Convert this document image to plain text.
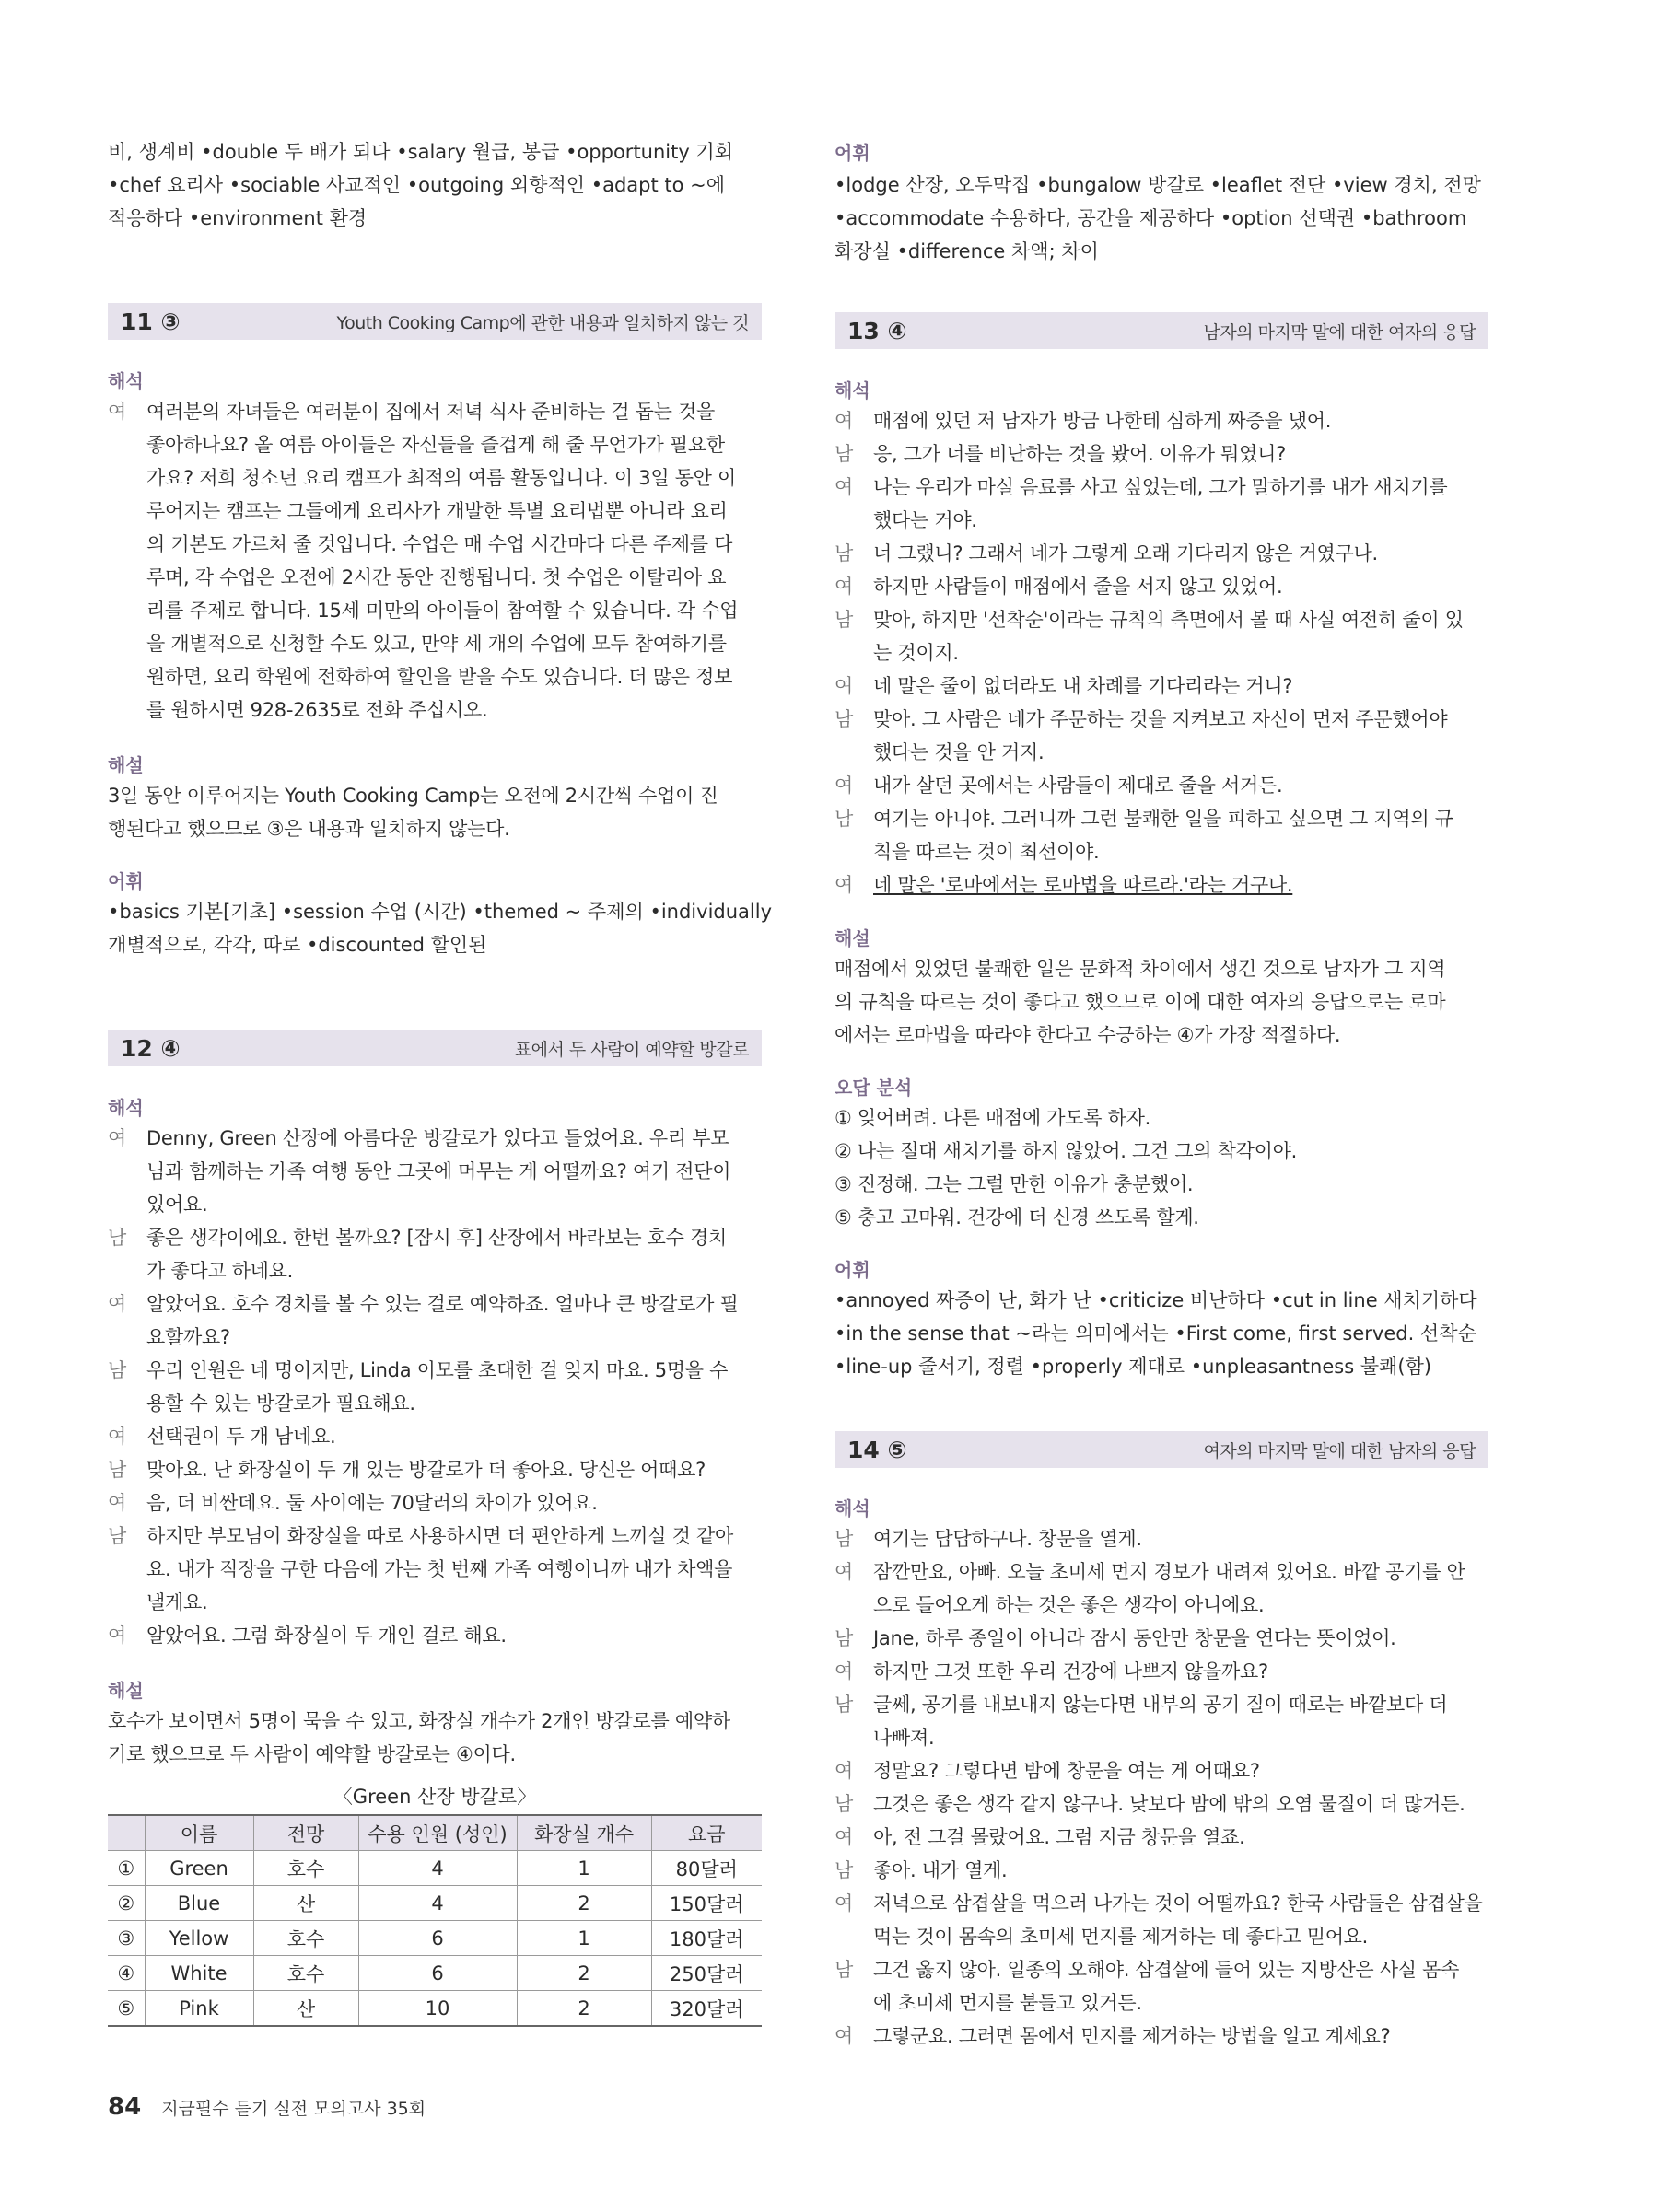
비, 생계비 •double 두 배가 되다 •salary 월급, 봉급 •opportunity 기회
•chef 요리사 •sociable 사교적인 •outgoing 외향적인 •adapt to ~에
적응하다 •environment 환경
11 ③	Youth Cooking Camp에 관한 내용과 일치하지 않는 것
해석
여	여러분의 자녀들은 여러분이 집에서 저녁 식사 준비하는 걸 돕는 것을
좋아하나요? 올 여름 아이들은 자신들을 즐겁게 해 줄 무언가가 필요한
가요? 저희 청소년 요리 캠프가 최적의 여름 활동입니다. 이 3일 동안 이
루어지는 캠프는 그들에게 요리사가 개발한 특별 요리법뿐 아니라 요리
의 기본도 가르쳐 줄 것입니다. 수업은 매 수업 시간마다 다른 주제를 다
루며, 각 수업은 오전에 2시간 동안 진행됩니다. 첫 수업은 이탈리아 요
리를 주제로 합니다. 15세 미만의 아이들이 참여할 수 있습니다. 각 수업
을 개별적으로 신청할 수도 있고, 만약 세 개의 수업에 모두 참여하기를
원하면, 요리 학원에 전화하여 할인을 받을 수도 있습니다. 더 많은 정보
를 원하시면 928-2635로 전화 주십시오.
해설
3일 동안 이루어지는 Youth Cooking Camp는 오전에 2시간씩 수업이 진
행된다고 했으므로 ③은 내용과 일치하지 않는다.
어휘
•basics 기본[기초] •session 수업 (시간) •themed ~ 주제의 •individually
개별적으로, 각각, 따로 •discounted 할인된
12 ④	표에서 두 사람이 예약할 방갈로
해석
여	Denny, Green 산장에 아름다운 방갈로가 있다고 들었어요. 우리 부모
님과 함께하는 가족 여행 동안 그곳에 머무는 게 어떨까요? 여기 전단이
있어요.
남	좋은 생각이에요. 한번 볼까요? [잠시 후] 산장에서 바라보는 호수 경치
가 좋다고 하네요.
여	알았어요. 호수 경치를 볼 수 있는 걸로 예약하죠. 얼마나 큰 방갈로가 필
요할까요?
남	우리 인원은 네 명이지만, Linda 이모를 초대한 걸 잊지 마요. 5명을 수
용할 수 있는 방갈로가 필요해요.
여	선택권이 두 개 남네요.
남	맞아요. 난 화장실이 두 개 있는 방갈로가 더 좋아요. 당신은 어때요?
여	음, 더 비싼데요. 둘 사이에는 70달러의 차이가 있어요.
남	하지만 부모님이 화장실을 따로 사용하시면 더 편안하게 느끼실 것 같아
요. 내가 직장을 구한 다음에 가는 첫 번째 가족 여행이니까 내가 차액을
낼게요.
여	알았어요. 그럼 화장실이 두 개인 걸로 해요.
해설
호수가 보이면서 5명이 묵을 수 있고, 화장실 개수가 2개인 방갈로를 예약하
기로 했으므로 두 사람이 예약할 방갈로는 ④이다.
〈Green 산장 방갈로〉
	이름	전망	수용 인원 (성인)	화장실 개수	요금
①	Green	호수	4	1	80달러
②	Blue	산	4	2	150달러
③	Yellow	호수	6	1	180달러
④	White	호수	6	2	250달러
⑤	Pink	산	10	2	320달러
어휘
•lodge 산장, 오두막집 •bungalow 방갈로 •leaflet 전단 •view 경치, 전망
•accommodate 수용하다, 공간을 제공하다 •option 선택권 •bathroom
화장실 •difference 차액; 차이
13 ④	남자의 마지막 말에 대한 여자의 응답
해석
여	매점에 있던 저 남자가 방금 나한테 심하게 짜증을 냈어.
남	응, 그가 너를 비난하는 것을 봤어. 이유가 뭐였니?
여	나는 우리가 마실 음료를 사고 싶었는데, 그가 말하기를 내가 새치기를
했다는 거야.
남	너 그랬니? 그래서 네가 그렇게 오래 기다리지 않은 거였구나.
여	하지만 사람들이 매점에서 줄을 서지 않고 있었어.
남	맞아, 하지만 '선착순'이라는 규칙의 측면에서 볼 때 사실 여전히 줄이 있
는 것이지.
여	네 말은 줄이 없더라도 내 차례를 기다리라는 거니?
남	맞아. 그 사람은 네가 주문하는 것을 지켜보고 자신이 먼저 주문했어야
했다는 것을 안 거지.
여	내가 살던 곳에서는 사람들이 제대로 줄을 서거든.
남	여기는 아니야. 그러니까 그런 불쾌한 일을 피하고 싶으면 그 지역의 규
칙을 따르는 것이 최선이야.
여	네 말은 '로마에서는 로마법을 따르라.'라는 거구나.
해설
매점에서 있었던 불쾌한 일은 문화적 차이에서 생긴 것으로 남자가 그 지역
의 규칙을 따르는 것이 좋다고 했으므로 이에 대한 여자의 응답으로는 로마
에서는 로마법을 따라야 한다고 수긍하는 ④가 가장 적절하다.
오답 분석
① 잊어버려. 다른 매점에 가도록 하자.
② 나는 절대 새치기를 하지 않았어. 그건 그의 착각이야.
③ 진정해. 그는 그럴 만한 이유가 충분했어.
⑤ 충고 고마워. 건강에 더 신경 쓰도록 할게.
어휘
•annoyed 짜증이 난, 화가 난 •criticize 비난하다 •cut in line 새치기하다
•in the sense that ~라는 의미에서는 •First come, first served. 선착순
•line-up 줄서기, 정렬 •properly 제대로 •unpleasantness 불쾌(함)
14 ⑤	여자의 마지막 말에 대한 남자의 응답
해석
남	여기는 답답하구나. 창문을 열게.
여	잠깐만요, 아빠. 오늘 초미세 먼지 경보가 내려져 있어요. 바깥 공기를 안
으로 들어오게 하는 것은 좋은 생각이 아니에요.
남	Jane, 하루 종일이 아니라 잠시 동안만 창문을 연다는 뜻이었어.
여	하지만 그것 또한 우리 건강에 나쁘지 않을까요?
남	글쎄, 공기를 내보내지 않는다면 내부의 공기 질이 때로는 바깥보다 더
나빠져.
여	정말요? 그렇다면 밤에 창문을 여는 게 어때요?
남	그것은 좋은 생각 같지 않구나. 낮보다 밤에 밖의 오염 물질이 더 많거든.
여	아, 전 그걸 몰랐어요. 그럼 지금 창문을 열죠.
남	좋아. 내가 열게.
여	저녁으로 삼겹살을 먹으러 나가는 것이 어떨까요? 한국 사람들은 삼겹살을
먹는 것이 몸속의 초미세 먼지를 제거하는 데 좋다고 믿어요.
남	그건 옳지 않아. 일종의 오해야. 삼겹살에 들어 있는 지방산은 사실 몸속
에 초미세 먼지를 붙들고 있거든.
여	그렇군요. 그러면 몸에서 먼지를 제거하는 방법을 알고 계세요?
84 지금필수 듣기 실전 모의고사 35회
